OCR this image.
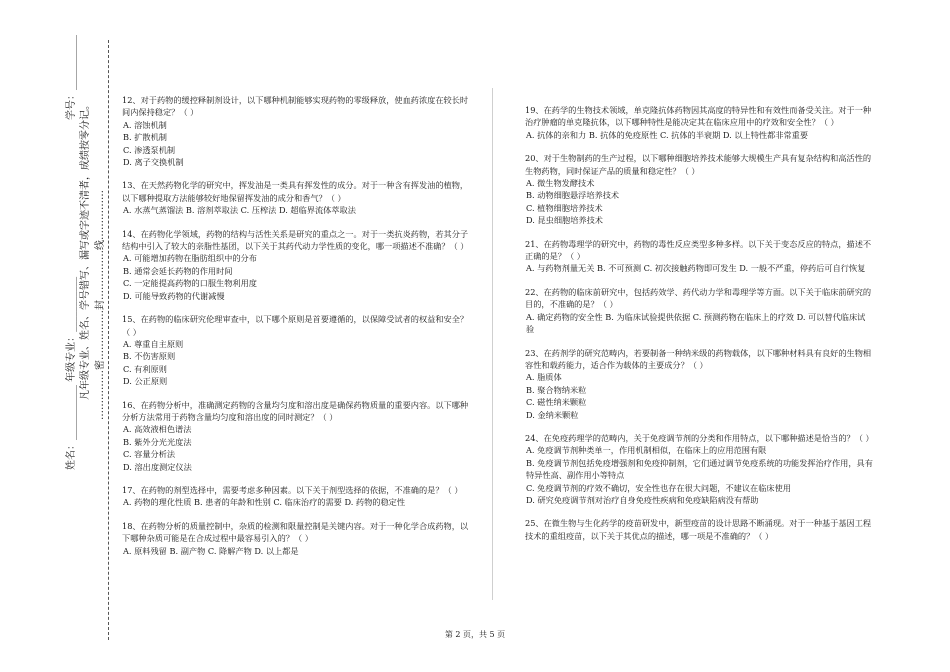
姓名：___________ 年级专业：___________ 凡年级专业、姓名、学号错写、漏写或字迹不清者，成绩按零分记。 ……………密……………封……………线……………
学号：___________	12、对于药物的缓控释制剂设计，以下哪种机制能够实现药物的零级释放，使血药浓度在较长时间内保持稳定？（ ）

A. 溶蚀机制

B. 扩散机制

C. 渗透泵机制

D. 离子交换机制

13、在天然药物化学的研究中，挥发油是一类具有挥发性的成分。对于一种含有挥发油的植物，以下哪种提取方法能够较好地保留挥发油的成分和香气？（ ）

A. 水蒸气蒸馏法 B. 溶剂萃取法 C. 压榨法 D. 超临界流体萃取法

14、在药物化学领域，药物的结构与活性关系是研究的重点之一。对于一类抗炎药物，若其分子结构中引入了较大的亲脂性基团，以下关于其药代动力学性质的变化，哪一项描述不准确？（ ）

A. 可能增加药物在脂肪组织中的分布

B. 通常会延长药物的作用时间

C. 一定能提高药物的口服生物利用度

D. 可能导致药物的代谢减慢

15、在药物的临床研究伦理审查中，以下哪个原则是首要遵循的，以保障受试者的权益和安全？（ ）

A. 尊重自主原则

B. 不伤害原则

C. 有利原则

D. 公正原则

16、在药物分析中，准确测定药物的含量均匀度和溶出度是确保药物质量的重要内容。以下哪种分析方法常用于药物含量均匀度和溶出度的同时测定？（ ）

A. 高效液相色谱法

B. 紫外分光光度法

C. 容量分析法

D. 溶出度测定仪法

17、在药物的剂型选择中，需要考虑多种因素。以下关于剂型选择的依据，不准确的是？（ ）

A. 药物的理化性质 B. 患者的年龄和性别 C. 临床治疗的需要 D. 药物的稳定性

18、在药物分析的质量控制中，杂质的检测和限量控制是关键内容。对于一种化学合成药物，以下哪种杂质可能是在合成过程中最容易引入的？（ ）

A. 原料残留 B. 副产物 C. 降解产物 D. 以上都是

19、在药学的生物技术领域，单克隆抗体药物因其高度的特异性和有效性而备受关注。对于一种治疗肿瘤的单克隆抗体，以下哪种特性是能决定其在临床应用中的疗效和安全性？（ ）

A. 抗体的亲和力 B. 抗体的免疫原性 C. 抗体的半衰期 D. 以上特性都非常重要

20、对于生物制药的生产过程，以下哪种细胞培养技术能够大规模生产具有复杂结构和高活性的生物药物，同时保证产品的质量和稳定性？（ ）

A. 微生物发酵技术

B. 动物细胞悬浮培养技术

C. 植物细胞培养技术

D. 昆虫细胞培养技术

21、在药物毒理学的研究中，药物的毒性反应类型多种多样。以下关于变态反应的特点，描述不正确的是？（ ）

A. 与药物剂量无关 B. 不可预测 C. 初次接触药物即可发生 D. 一般不严重，停药后可自行恢复

22、在药物的临床前研究中，包括药效学、药代动力学和毒理学等方面。以下关于临床前研究的目的，不准确的是？（ ）

A. 确定药物的安全性 B. 为临床试验提供依据 C. 预测药物在临床上的疗效 D. 可以替代临床试验

23、在药剂学的研究范畴内，若要制备一种纳米级的药物载体，以下哪种材料具有良好的生物相容性和载药能力，适合作为载体的主要成分？（ ）

A. 脂质体

B. 聚合物纳米粒

C. 磁性纳米颗粒

D. 金纳米颗粒

24、在免疫药理学的范畴内，关于免疫调节剂的分类和作用特点，以下哪种描述是恰当的？（ ）

A. 免疫调节剂种类单一，作用机制相似，在临床上的应用范围有限

B. 免疫调节剂包括免疫增强剂和免疫抑制剂，它们通过调节免疫系统的功能发挥治疗作用，具有特异性高、副作用小等特点

C. 免疫调节剂的疗效不确切，安全性也存在很大问题，不建议在临床使用

D. 研究免疫调节剂对治疗自身免疫性疾病和免疫缺陷病没有帮助

25、在微生物与生化药学的疫苗研发中，新型疫苗的设计思路不断涌现。对于一种基于基因工程技术的重组疫苗，以下关于其优点的描述，哪一项是不准确的？（ ）

第 2 页，共 5 页
